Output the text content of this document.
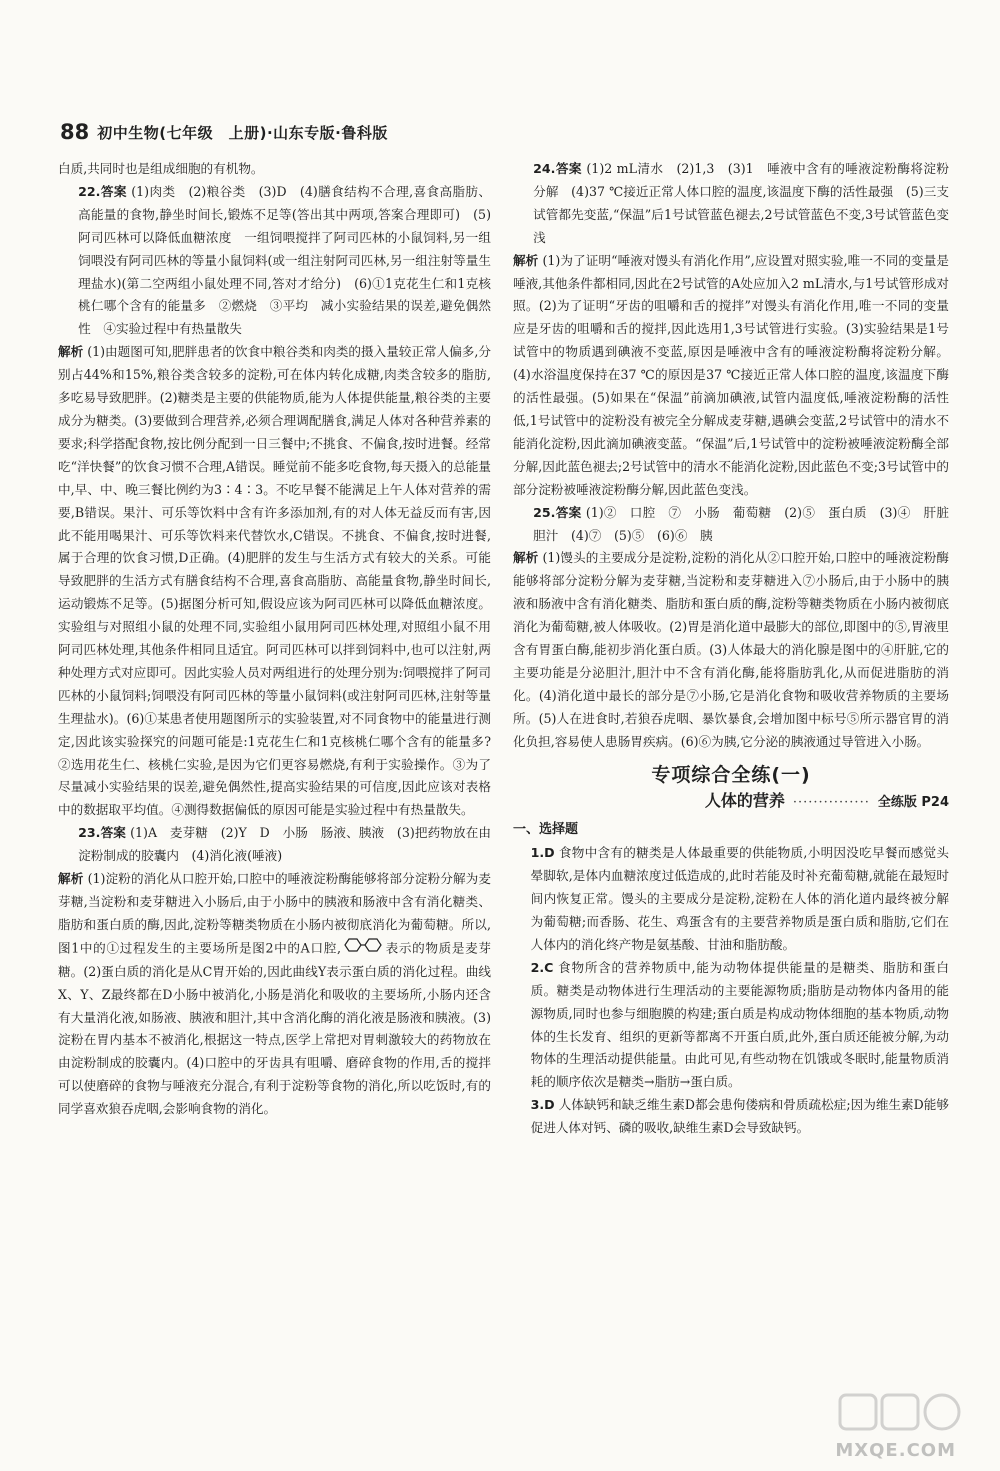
88 初中生物(七年级　上册)·山东专版·鲁科版

白质,共同时也是组成细胞的有机物。

22.答案 (1)肉类　(2)粮谷类　(3)D　(4)膳食结构不合理,喜食高脂肪、高能量的食物,静坐时间长,锻炼不足等(答出其中两项,答案合理即可)　(5)阿司匹林可以降低血糖浓度　一组饲喂搅拌了阿司匹林的小鼠饲料,另一组饲喂没有阿司匹林的等量小鼠饲料(或一组注射阿司匹林,另一组注射等量生理盐水)(第二空两组小鼠处理不同,答对才给分)　(6)①1克花生仁和1克核桃仁哪个含有的能量多　②燃烧　③平均　减小实验结果的误差,避免偶然性　④实验过程中有热量散失

解析 (1)由题图可知,肥胖患者的饮食中粮谷类和肉类的摄入量较正常人偏多,分别占44%和15%,粮谷类含较多的淀粉,可在体内转化成糖,肉类含较多的脂肪,多吃易导致肥胖。(2)糖类是主要的供能物质,能为人体提供能量,粮谷类的主要成分为糖类。(3)要做到合理营养,必须合理调配膳食,满足人体对各种营养素的要求;科学搭配食物,按比例分配到一日三餐中;不挑食、不偏食,按时进餐。经常吃“洋快餐”的饮食习惯不合理,A错误。睡觉前不能多吃食物,每天摄入的总能量中,早、中、晚三餐比例约为3∶4∶3。不吃早餐不能满足上午人体对营养的需要,B错误。果汁、可乐等饮料中含有许多添加剂,有的对人体无益反而有害,因此不能用喝果汁、可乐等饮料来代替饮水,C错误。不挑食、不偏食,按时进餐,属于合理的饮食习惯,D正确。(4)肥胖的发生与生活方式有较大的关系。可能导致肥胖的生活方式有膳食结构不合理,喜食高脂肪、高能量食物,静坐时间长,运动锻炼不足等。(5)据图分析可知,假设应该为阿司匹林可以降低血糖浓度。实验组与对照组小鼠的处理不同,实验组小鼠用阿司匹林处理,对照组小鼠不用阿司匹林处理,其他条件相同且适宜。阿司匹林可以拌到饲料中,也可以注射,两种处理方式对应即可。因此实验人员对两组进行的处理分别为:饲喂搅拌了阿司匹林的小鼠饲料;饲喂没有阿司匹林的等量小鼠饲料(或注射阿司匹林,注射等量生理盐水)。(6)①某患者使用题图所示的实验装置,对不同食物中的能量进行测定,因此该实验探究的问题可能是:1克花生仁和1克核桃仁哪个含有的能量多?②选用花生仁、核桃仁实验,是因为它们更容易燃烧,有利于实验操作。③为了尽量减小实验结果的误差,避免偶然性,提高实验结果的可信度,因此应该对表格中的数据取平均值。④测得数据偏低的原因可能是实验过程中有热量散失。

23.答案 (1)A　麦芽糖　(2)Y　D　小肠　肠液、胰液　(3)把药物放在由淀粉制成的胶囊内　(4)消化液(唾液)

解析 (1)淀粉的消化从口腔开始,口腔中的唾液淀粉酶能够将部分淀粉分解为麦芽糖,当淀粉和麦芽糖进入小肠后,由于小肠中的胰液和肠液中含有消化糖类、脂肪和蛋白质的酶,因此,淀粉等糖类物质在小肠内被彻底消化为葡萄糖。所以,图1中的①过程发生的主要场所是图2中的A口腔,	表示的物质是麦芽糖。(2)蛋白质的消化是从C胃开始的,因此曲线Y表示蛋白质的消化过程。曲线X、Y、Z最终都在D小肠中被消化,小肠是消化和吸收的主要场所,小肠内还含有大量消化液,如肠液、胰液和胆汁,其中含消化酶的消化液是肠液和胰液。(3)淀粉在胃内基本不被消化,根据这一特点,医学上常把对胃刺激较大的药物放在由淀粉制成的胶囊内。(4)口腔中的牙齿具有咀嚼、磨碎食物的作用,舌的搅拌可以使磨碎的食物与唾液充分混合,有利于淀粉等食物的消化,所以吃饭时,有的同学喜欢狼吞虎咽,会影响食物的消化。

24.答案 (1)2 mL清水　(2)1,3　(3)1　唾液中含有的唾液淀粉酶将淀粉分解　(4)37 ℃接近正常人体口腔的温度,该温度下酶的活性最强　(5)三支试管都先变蓝,“保温”后1号试管蓝色褪去,2号试管蓝色不变,3号试管蓝色变浅

解析 (1)为了证明“唾液对馒头有消化作用”,应设置对照实验,唯一不同的变量是唾液,其他条件都相同,因此在2号试管的A处应加入2 mL清水,与1号试管形成对照。(2)为了证明“牙齿的咀嚼和舌的搅拌”对馒头有消化作用,唯一不同的变量应是牙齿的咀嚼和舌的搅拌,因此选用1,3号试管进行实验。(3)实验结果是1号试管中的物质遇到碘液不变蓝,原因是唾液中含有的唾液淀粉酶将淀粉分解。(4)水浴温度保持在37 ℃的原因是37 ℃接近正常人体口腔的温度,该温度下酶的活性最强。(5)如果在“保温”前滴加碘液,试管内温度低,唾液淀粉酶的活性低,1号试管中的淀粉没有被完全分解成麦芽糖,遇碘会变蓝,2号试管中的清水不能消化淀粉,因此滴加碘液变蓝。“保温”后,1号试管中的淀粉被唾液淀粉酶全部分解,因此蓝色褪去;2号试管中的清水不能消化淀粉,因此蓝色不变;3号试管中的部分淀粉被唾液淀粉酶分解,因此蓝色变浅。

25.答案 (1)②　口腔　⑦　小肠　葡萄糖　(2)⑤　蛋白质　(3)④　肝脏　胆汁　(4)⑦　(5)⑤　(6)⑥　胰

解析 (1)馒头的主要成分是淀粉,淀粉的消化从②口腔开始,口腔中的唾液淀粉酶能够将部分淀粉分解为麦芽糖,当淀粉和麦芽糖进入⑦小肠后,由于小肠中的胰液和肠液中含有消化糖类、脂肪和蛋白质的酶,淀粉等糖类物质在小肠内被彻底消化为葡萄糖,被人体吸收。(2)胃是消化道中最膨大的部位,即图中的⑤,胃液里含有胃蛋白酶,能初步消化蛋白质。(3)人体最大的消化腺是图中的④肝脏,它的主要功能是分泌胆汁,胆汁中不含有消化酶,能将脂肪乳化,从而促进脂肪的消化。(4)消化道中最长的部分是⑦小肠,它是消化食物和吸收营养物质的主要场所。(5)人在进食时,若狼吞虎咽、暴饮暴食,会增加图中标号⑤所示器官胃的消化负担,容易使人患肠胃疾病。(6)⑥为胰,它分泌的胰液通过导管进入小肠。

专项综合全练(一)
人体的营养 ··············· 全练版 P24
一、选择题

1.D 食物中含有的糖类是人体最重要的供能物质,小明因没吃早餐而感觉头晕脚软,是体内血糖浓度过低造成的,此时若能及时补充葡萄糖,就能在最短时间内恢复正常。馒头的主要成分是淀粉,淀粉在人体的消化道内最终被分解为葡萄糖;而香肠、花生、鸡蛋含有的主要营养物质是蛋白质和脂肪,它们在人体内的消化终产物是氨基酸、甘油和脂肪酸。

2.C 食物所含的营养物质中,能为动物体提供能量的是糖类、脂肪和蛋白质。糖类是动物体进行生理活动的主要能源物质;脂肪是动物体内备用的能源物质,同时也参与细胞膜的构建;蛋白质是构成动物体细胞的基本物质,动物体的生长发育、组织的更新等都离不开蛋白质,此外,蛋白质还能被分解,为动物体的生理活动提供能量。由此可见,有些动物在饥饿或冬眠时,能量物质消耗的顺序依次是糖类→脂肪→蛋白质。

3.D 人体缺钙和缺乏维生素D都会患佝偻病和骨质疏松症;因为维生素D能够促进人体对钙、磷的吸收,缺维生素D会导致缺钙。

MXQE.COM
